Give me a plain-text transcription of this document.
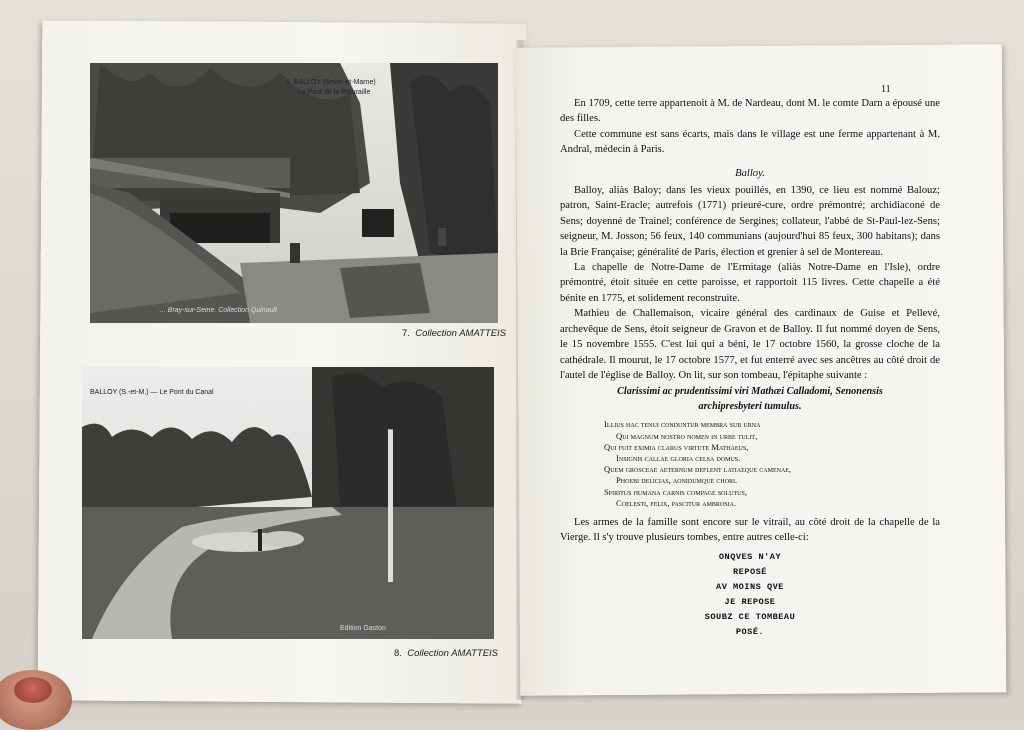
1. BALLOY (Seine-et-Marne)
Le Pont de la Paturaille
... Bray-sur-Seine. Collection Quinault
7. Collection AMATTEIS
BALLOY (S.-et-M.) — Le Pont du Canal
Edition Gaston
8. Collection AMATTEIS
11

En 1709, cette terre appartenoit à M. de Nardeau, dont M. le comte Darn a épousé une des filles.

Cette commune est sans écarts, mais dans le village est une ferme appartenant à M. Andral, médecin à Paris.

Balloy.

Balloy, aliàs Baloy; dans les vieux pouillés, en 1390, ce lieu est nommé Balouz; patron, Saint-Eracle; autrefois (1771) prieuré-cure, ordre prémontré; archidiaconé de Sens; doyenné de Trainel; conférence de Sergines; collateur, l'abbé de St-Paul-lez-Sens; seigneur, M. Josson; 56 feux, 140 communians (aujourd'hui 85 feux, 300 habitans); dans la Brie Française; généralité de Paris, élection et grenier à sel de Montereau.

La chapelle de Notre-Dame de l'Ermitage (aliàs Notre-Dame en l'Isle), ordre prémontré, étoit située en cette paroisse, et rapportoit 115 livres. Cette chapelle a été bénite en 1775, et solidement reconstruite.

Mathieu de Challemaison, vicaire général des cardinaux de Guise et Pellevé, archevêque de Sens, étoit seigneur de Gravon et de Balloy. Il fut nommé doyen de Sens, le 15 novembre 1555. C'est lui qui a béni, le 17 octobre 1560, la grosse cloche de la cathédrale. Il mourut, le 17 octobre 1577, et fut enterré avec ses ancêtres au côté droit de l'autel de l'église de Balloy. On lit, sur son tombeau, l'épitaphe suivante :

Clarissimi ac prudentissimi viri Mathæi Calladomi, Senonensis

archipresbyteri tumulus.

Illius hac tenui conduntur membra sub urna

Qui magnum nostro nomen in urbe tulit,

Qui fuit eximia clarus virtute Mathaeus,

Insignis callae gloria celsa domus.

Quem grosceae aeternum deflent latiaeque camenae,

Phoebi delicias, aonidumque chori.

Spiritus humana carnis compage solutus,

Coelesti, felix, pascitur ambrosia.

Les armes de la famille sont encore sur le vitrail, au côté droit de la chapelle de la Vierge. Il s'y trouve plusieurs tombes, entre autres celle-ci:

ONQVES N'AY

REPOSÉ

AV MOINS QVE

JE REPOSE

SOUBZ CE TOMBEAU

POSÉ.
